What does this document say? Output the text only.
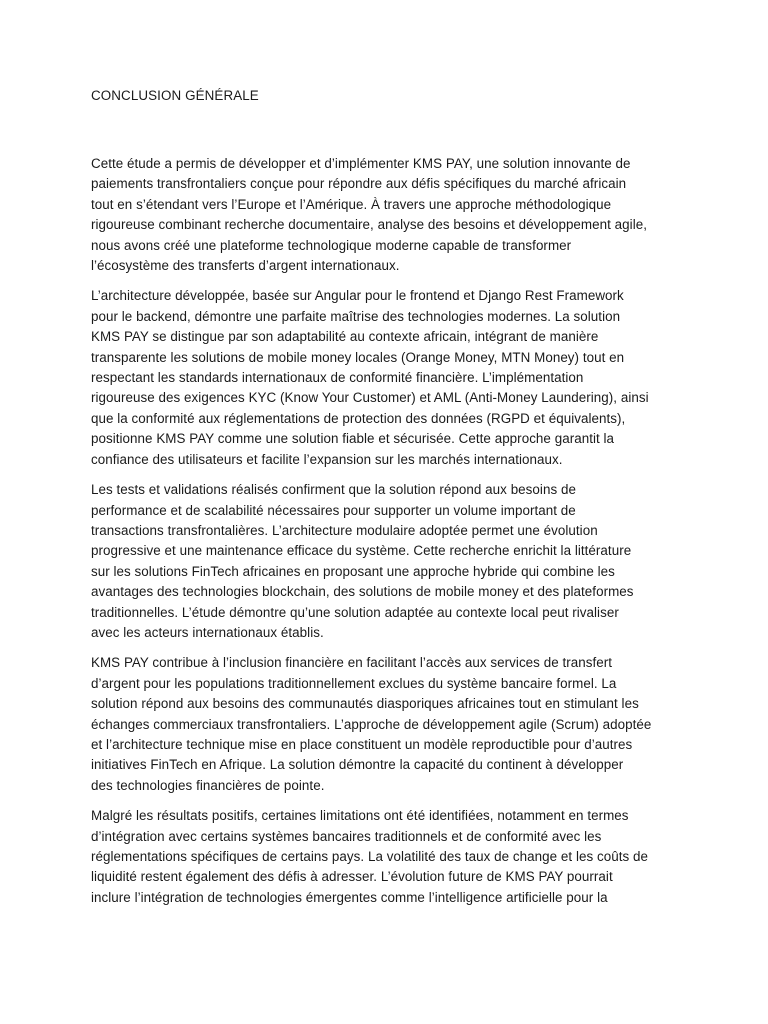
CONCLUSION GÉNÉRALE

Cette étude a permis de développer et d’implémenter KMS PAY, une solution innovante de
paiements transfrontaliers conçue pour répondre aux défis spécifiques du marché africain
tout en s’étendant vers l’Europe et l’Amérique. À travers une approche méthodologique
rigoureuse combinant recherche documentaire, analyse des besoins et développement agile,
nous avons créé une plateforme technologique moderne capable de transformer
l’écosystème des transferts d’argent internationaux.

L’architecture développée, basée sur Angular pour le frontend et Django Rest Framework
pour le backend, démontre une parfaite maîtrise des technologies modernes. La solution
KMS PAY se distingue par son adaptabilité au contexte africain, intégrant de manière
transparente les solutions de mobile money locales (Orange Money, MTN Money) tout en
respectant les standards internationaux de conformité financière. L’implémentation
rigoureuse des exigences KYC (Know Your Customer) et AML (Anti-Money Laundering), ainsi
que la conformité aux réglementations de protection des données (RGPD et équivalents),
positionne KMS PAY comme une solution fiable et sécurisée. Cette approche garantit la
confiance des utilisateurs et facilite l’expansion sur les marchés internationaux.

Les tests et validations réalisés confirment que la solution répond aux besoins de
performance et de scalabilité nécessaires pour supporter un volume important de
transactions transfrontalières. L’architecture modulaire adoptée permet une évolution
progressive et une maintenance efficace du système. Cette recherche enrichit la littérature
sur les solutions FinTech africaines en proposant une approche hybride qui combine les
avantages des technologies blockchain, des solutions de mobile money et des plateformes
traditionnelles. L’étude démontre qu’une solution adaptée au contexte local peut rivaliser
avec les acteurs internationaux établis.

KMS PAY contribue à l’inclusion financière en facilitant l’accès aux services de transfert
d’argent pour les populations traditionnellement exclues du système bancaire formel. La
solution répond aux besoins des communautés diasporiques africaines tout en stimulant les
échanges commerciaux transfrontaliers. L’approche de développement agile (Scrum) adoptée
et l’architecture technique mise en place constituent un modèle reproductible pour d’autres
initiatives FinTech en Afrique. La solution démontre la capacité du continent à développer
des technologies financières de pointe.

Malgré les résultats positifs, certaines limitations ont été identifiées, notamment en termes
d’intégration avec certains systèmes bancaires traditionnels et de conformité avec les
réglementations spécifiques de certains pays. La volatilité des taux de change et les coûts de
liquidité restent également des défis à adresser. L’évolution future de KMS PAY pourrait
inclure l’intégration de technologies émergentes comme l’intelligence artificielle pour la
